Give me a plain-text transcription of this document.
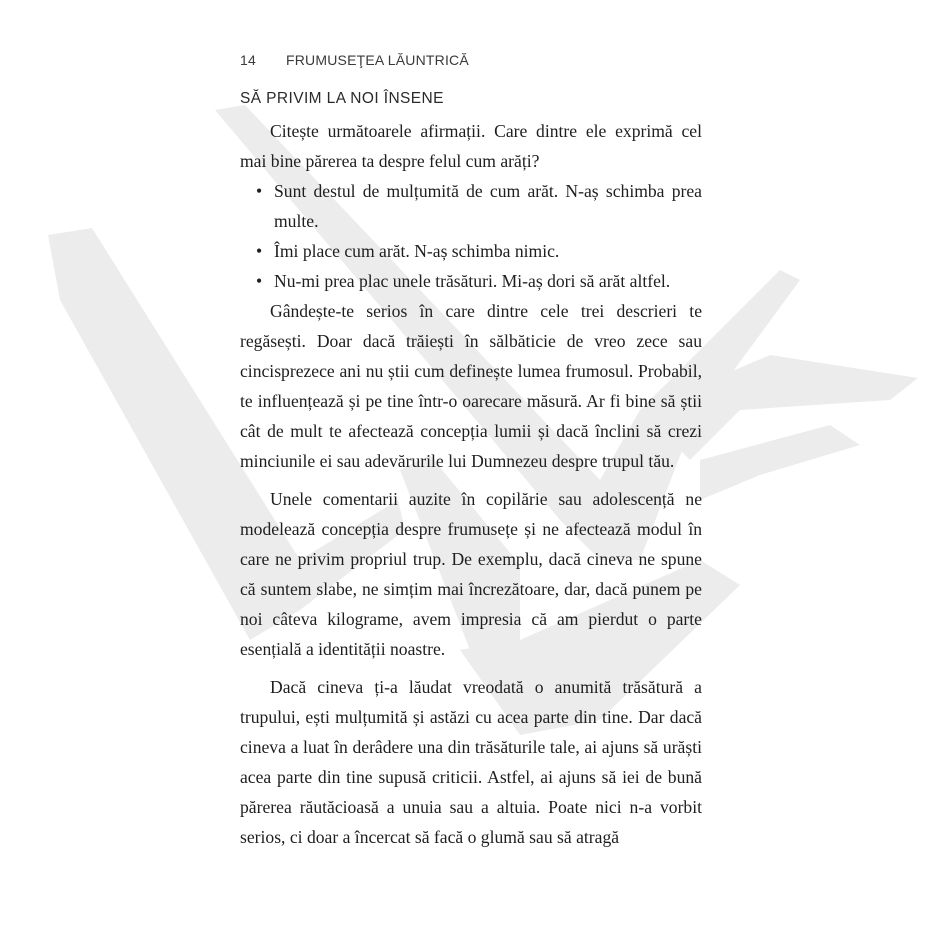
14 FRUMUSEŢEA LĂUNTRICĂ
SĂ PRIVIM LA NOI ÎNSENE

Citește următoarele afirmații. Care dintre ele exprimă cel mai bine părerea ta despre felul cum arăți?

• Sunt destul de mulțumită de cum arăt. N-aș schimba prea multe.
• Îmi place cum arăt. N-aș schimba nimic.
• Nu-mi prea plac unele trăsături. Mi-aș dori să arăt altfel.

Gândește-te serios în care dintre cele trei descrieri te regăsești. Doar dacă trăiești în sălbăticie de vreo zece sau cincisprezece ani nu știi cum definește lumea frumosul. Probabil, te influențează și pe tine într-o oarecare măsură. Ar fi bine să știi cât de mult te afectează concepția lumii și dacă înclini să crezi minciunile ei sau adevărurile lui Dumnezeu despre trupul tău.

Unele comentarii auzite în copilărie sau adolescență ne modelează concepția despre frumusețe și ne afectează modul în care ne privim propriul trup. De exemplu, dacă cineva ne spune că suntem slabe, ne simțim mai încrezătoare, dar, dacă punem pe noi câteva kilograme, avem impresia că am pierdut o parte esențială a identității noastre.

Dacă cineva ți-a lăudat vreodată o anumită trăsătură a trupului, ești mulțumită și astăzi cu acea parte din tine. Dar dacă cineva a luat în derâdere una din trăsăturile tale, ai ajuns să urăști acea parte din tine supusă criticii. Astfel, ai ajuns să iei de bună părerea răutăcioasă a unuia sau a altuia. Poate nici n-a vorbit serios, ci doar a încercat să facă o glumă sau să atragă
